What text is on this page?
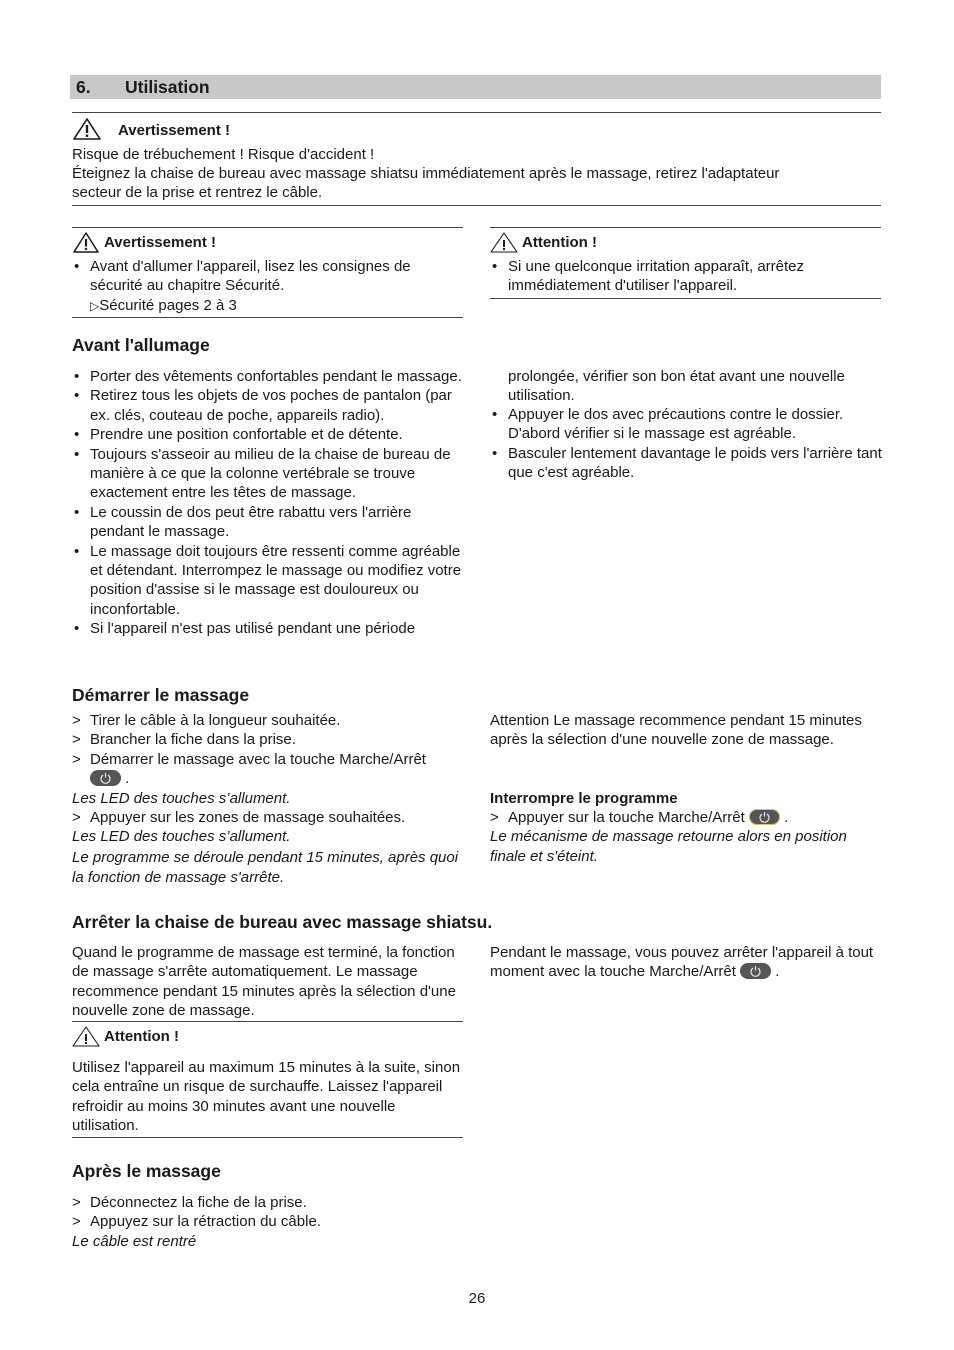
6. Utilisation
Avertissement !
Risque de trébuchement ! Risque d'accident !
Éteignez la chaise de bureau avec massage shiatsu immédiatement après le massage, retirez l'adaptateur
secteur de la prise et rentrez le câble.
Avertissement !
• Avant d'allumer l'appareil, lisez les consignes de sécurité au chapitre Sécurité.
▷Sécurité pages 2 à 3
Attention !
• Si une quelconque irritation apparaît, arrêtez immédiatement d'utiliser l'appareil.
Avant l'allumage
• Porter des vêtements confortables pendant le massage.
• Retirez tous les objets de vos poches de pantalon (par ex. clés, couteau de poche, appareils radio).
• Prendre une position confortable et de détente.
• Toujours s'asseoir au milieu de la chaise de bureau de manière à ce que la colonne vertébrale se trouve exactement entre les têtes de massage.
• Le coussin de dos peut être rabattu vers l'arrière pendant le massage.
• Le massage doit toujours être ressenti comme agréable et détendant. Interrompez le massage ou modifiez votre position d'assise si le massage est douloureux ou inconfortable.
• Si l'appareil n'est pas utilisé pendant une période
prolongée, vérifier son bon état avant une nouvelle utilisation.
• Appuyer le dos avec précautions contre le dossier. D'abord vérifier si le massage est agréable.
• Basculer lentement davantage le poids vers l'arrière tant que c'est agréable.
Démarrer le massage
> Tirer le câble à la longueur souhaitée.
> Brancher la fiche dans la prise.
> Démarrer le massage avec la touche Marche/Arrêt

.
Les LED des touches s’allument.
> Appuyer sur les zones de massage souhaitées.
Les LED des touches s’allument.
Le programme se déroule pendant 15 minutes, après quoi la fonction de massage s'arrête.
Attention Le massage recommence pendant 15 minutes après la sélection d'une nouvelle zone de massage.
Interrompre le programme
> Appuyer sur la touche Marche/Arrêt	.
Le mécanisme de massage retourne alors en position finale et s'éteint.
Arrêter la chaise de bureau avec massage shiatsu.
Quand le programme de massage est terminé, la fonction de massage s'arrête automatiquement. Le massage recommence pendant 15 minutes après la sélection d'une nouvelle zone de massage.
Pendant le massage, vous pouvez arrêter l'appareil à tout moment avec la touche Marche/Arrêt	.
Attention !
Utilisez l'appareil au maximum 15 minutes à la suite, sinon cela entraîne un risque de surchauffe. Laissez l'appareil refroidir au moins 30 minutes avant une nouvelle utilisation.
Après le massage
> Déconnectez la fiche de la prise.
> Appuyez sur la rétraction du câble.
Le câble est rentré
26
